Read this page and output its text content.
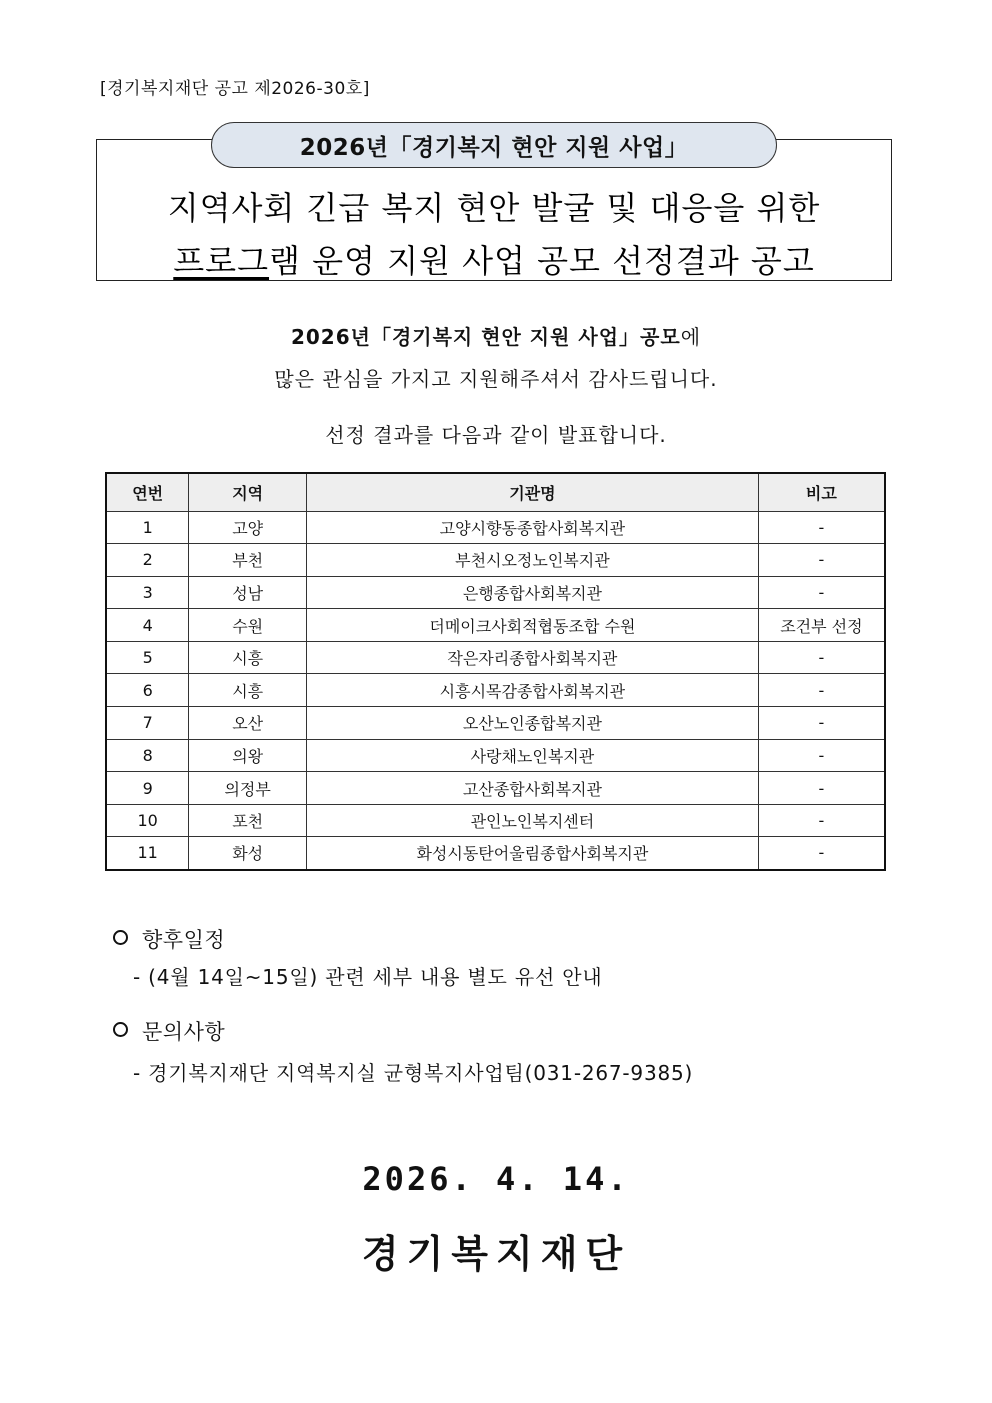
[경기복지재단 공고 제2026-30호]
2026년「경기복지 현안 지원 사업」
지역사회 긴급 복지 현안 발굴 및 대응을 위한
프로그램 운영 지원 사업 공모 선정결과 공고
2026년「경기복지 현안 지원 사업」공모에
많은 관심을 가지고 지원해주셔서 감사드립니다.
선정 결과를 다음과 같이 발표합니다.
연번	지역	기관명	비고
1	고양	고양시향동종합사회복지관	-
2	부천	부천시오정노인복지관	-
3	성남	은행종합사회복지관	-
4	수원	더메이크사회적협동조합 수원	조건부 선정
5	시흥	작은자리종합사회복지관	-
6	시흥	시흥시목감종합사회복지관	-
7	오산	오산노인종합복지관	-
8	의왕	사랑채노인복지관	-
9	의정부	고산종합사회복지관	-
10	포천	관인노인복지센터	-
11	화성	화성시동탄어울림종합사회복지관	-
향후일정
- (4월 14일~15일) 관련 세부 내용 별도 유선 안내
문의사항
- 경기복지재단 지역복지실 균형복지사업팀(031-267-9385)
2026. 4. 14.
경기복지재단
